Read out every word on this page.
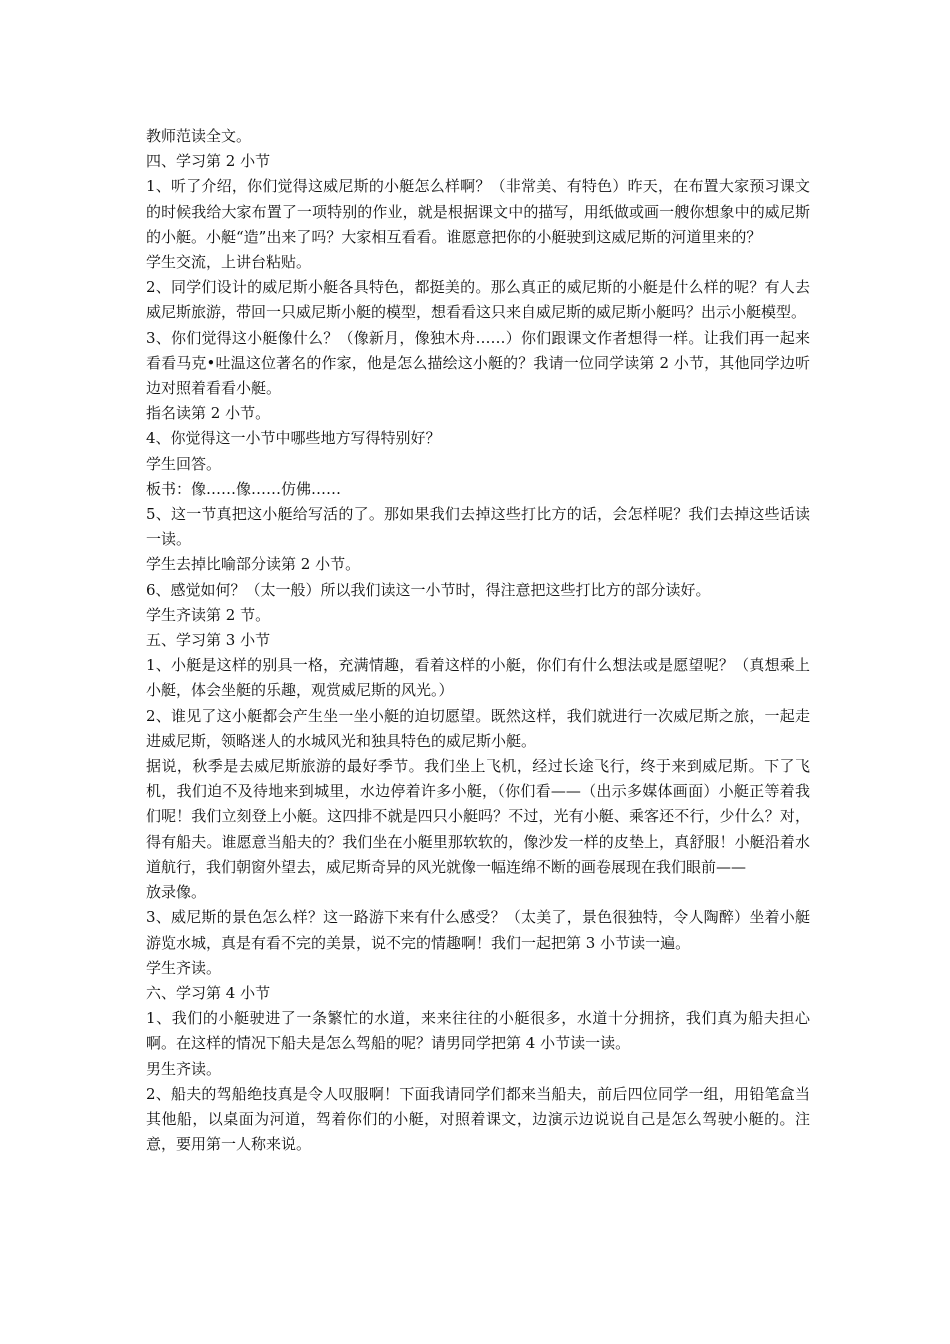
教师范读全文。

四、学习第 2 小节

1、听了介绍，你们觉得这威尼斯的小艇怎么样啊？（非常美、有特色）昨天，在布置大家预习课文的时候我给大家布置了一项特别的作业，就是根据课文中的描写，用纸做或画一艘你想象中的威尼斯的小艇。小艇“造”出来了吗？大家相互看看。谁愿意把你的小艇驶到这威尼斯的河道里来的？

学生交流，上讲台粘贴。

2、同学们设计的威尼斯小艇各具特色，都挺美的。那么真正的威尼斯的小艇是什么样的呢？有人去威尼斯旅游，带回一只威尼斯小艇的模型，想看看这只来自威尼斯的威尼斯小艇吗？出示小艇模型。

3、你们觉得这小艇像什么？（像新月，像独木舟……）你们跟课文作者想得一样。让我们再一起来看看马克•吐温这位著名的作家，他是怎么描绘这小艇的？我请一位同学读第 2 小节，其他同学边听边对照着看看小艇。

指名读第 2 小节。

4、你觉得这一小节中哪些地方写得特别好？

学生回答。

板书：像……像……仿佛……

5、这一节真把这小艇给写活的了。那如果我们去掉这些打比方的话，会怎样呢？我们去掉这些话读一读。

学生去掉比喻部分读第 2 小节。

6、感觉如何？（太一般）所以我们读这一小节时，得注意把这些打比方的部分读好。

学生齐读第 2 节。

五、学习第 3 小节

1、小艇是这样的别具一格，充满情趣，看着这样的小艇，你们有什么想法或是愿望呢？（真想乘上小艇，体会坐艇的乐趣，观赏威尼斯的风光。）

2、谁见了这小艇都会产生坐一坐小艇的迫切愿望。既然这样，我们就进行一次威尼斯之旅，一起走进威尼斯，领略迷人的水城风光和独具特色的威尼斯小艇。

据说，秋季是去威尼斯旅游的最好季节。我们坐上飞机，经过长途飞行，终于来到威尼斯。下了飞机，我们迫不及待地来到城里，水边停着许多小艇，（你们看——（出示多媒体画面）小艇正等着我们呢！我们立刻登上小艇。这四排不就是四只小艇吗？不过，光有小艇、乘客还不行，少什么？对，得有船夫。谁愿意当船夫的？我们坐在小艇里那软软的，像沙发一样的皮垫上，真舒服！小艇沿着水道航行，我们朝窗外望去，威尼斯奇异的风光就像一幅连绵不断的画卷展现在我们眼前——

放录像。

3、威尼斯的景色怎么样？这一路游下来有什么感受？（太美了，景色很独特，令人陶醉）坐着小艇游览水城，真是有看不完的美景，说不完的情趣啊！我们一起把第 3 小节读一遍。

学生齐读。

六、学习第 4 小节

1、我们的小艇驶进了一条繁忙的水道，来来往往的小艇很多，水道十分拥挤，我们真为船夫担心啊。在这样的情况下船夫是怎么驾船的呢？请男同学把第 4 小节读一读。

男生齐读。

2、船夫的驾船绝技真是令人叹服啊！下面我请同学们都来当船夫，前后四位同学一组，用铅笔盒当其他船，以桌面为河道，驾着你们的小艇，对照着课文，边演示边说说自己是怎么驾驶小艇的。注意，要用第一人称来说。
